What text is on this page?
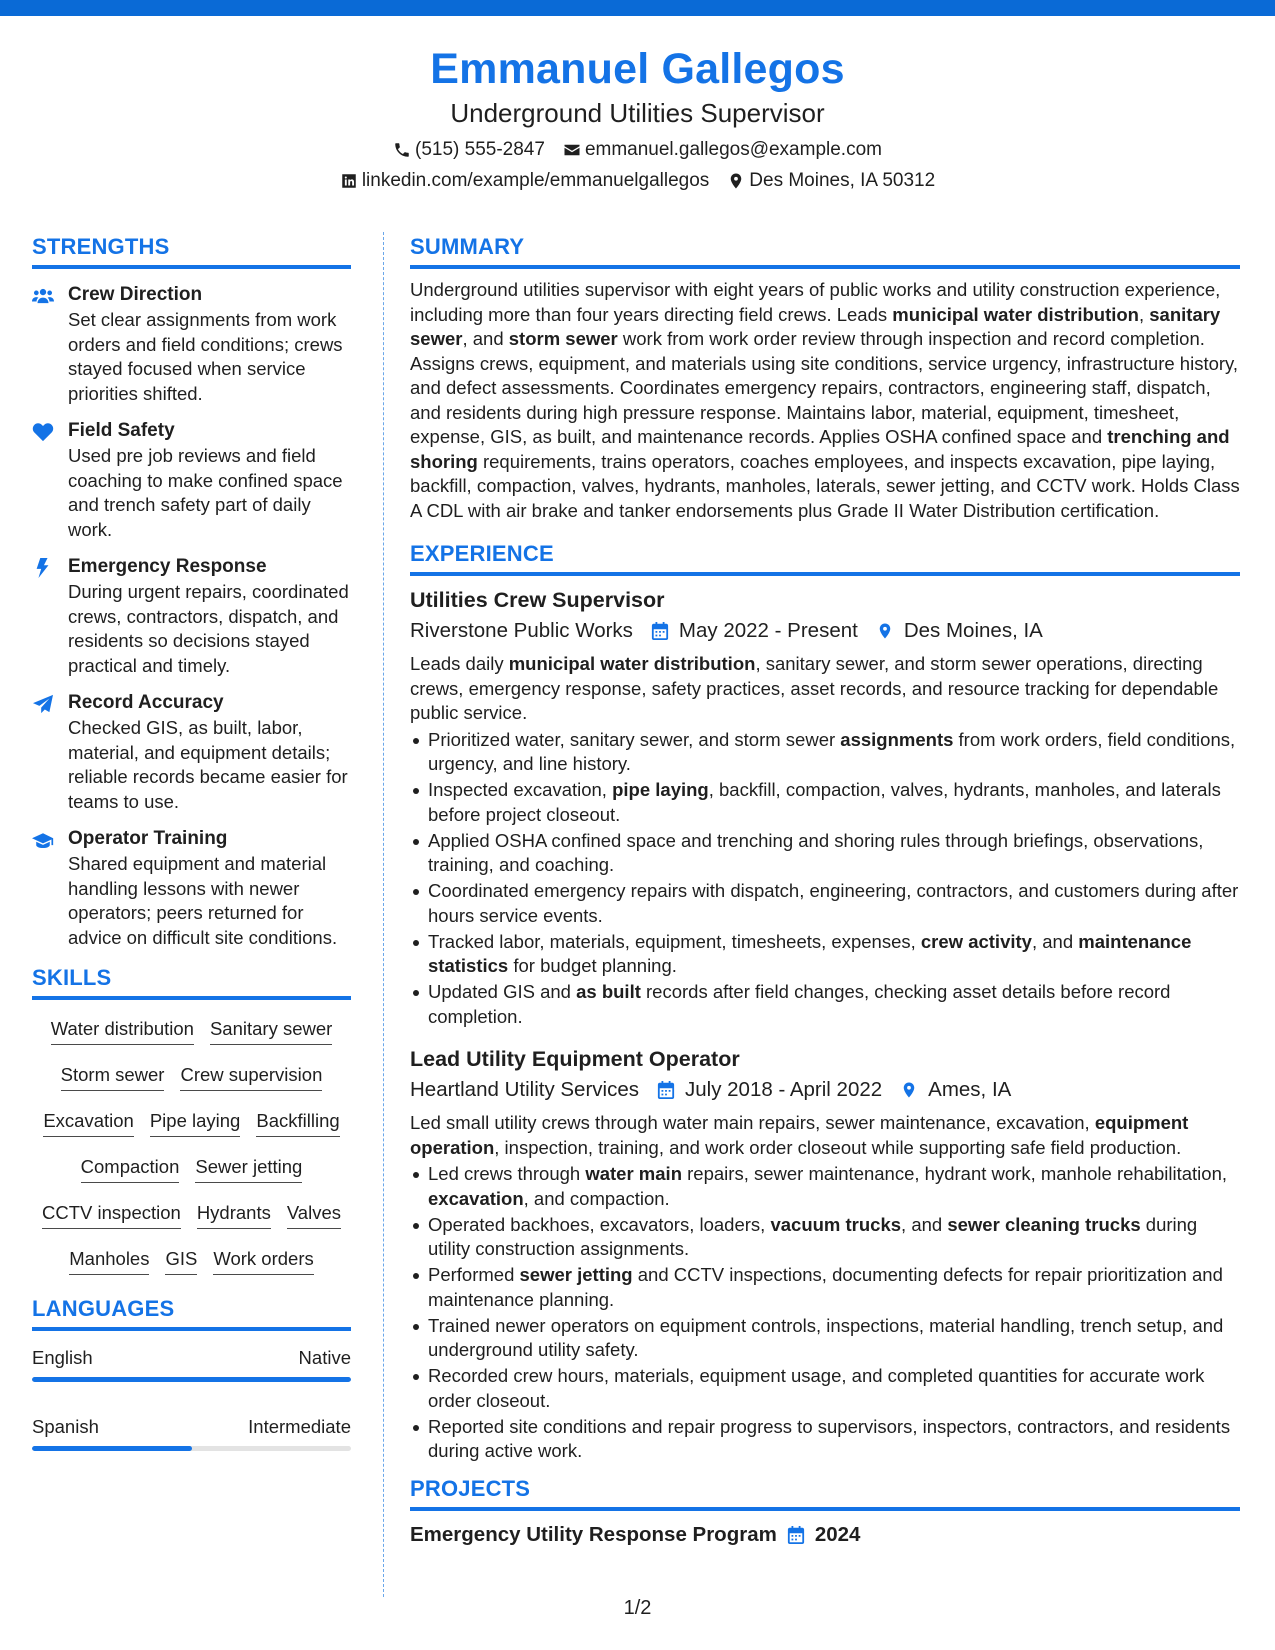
Emmanuel Gallegos
Underground Utilities Supervisor
(515) 555-2847 emmanuel.gallegos@example.com
linkedin.com/example/emmanuelgallegos Des Moines, IA 50312
STRENGTHS
Crew Direction
Set clear assignments from work orders and field conditions; crews stayed focused when service priorities shifted.
Field Safety
Used pre job reviews and field coaching to make confined space and trench safety part of daily work.
Emergency Response
During urgent repairs, coordinated crews, contractors, dispatch, and residents so decisions stayed practical and timely.
Record Accuracy
Checked GIS, as built, labor, material, and equipment details; reliable records became easier for teams to use.
Operator Training
Shared equipment and material handling lessons with newer operators; peers returned for advice on difficult site conditions.
SKILLS
Water distribution Sanitary sewer
Storm sewer Crew supervision
Excavation Pipe laying Backfilling
Compaction Sewer jetting
CCTV inspection Hydrants Valves
Manholes GIS Work orders
LANGUAGES
English	Native
Spanish	Intermediate
SUMMARY
Underground utilities supervisor with eight years of public works and utility construction experience, including more than four years directing field crews. Leads municipal water distribution, sanitary sewer, and storm sewer work from work order review through inspection and record completion. Assigns crews, equipment, and materials using site conditions, service urgency, infrastructure history, and defect assessments. Coordinates emergency repairs, contractors, engineering staff, dispatch, and residents during high pressure response. Maintains labor, material, equipment, timesheet, expense, GIS, as built, and maintenance records. Applies OSHA confined space and trenching and shoring requirements, trains operators, coaches employees, and inspects excavation, pipe laying, backfill, compaction, valves, hydrants, manholes, laterals, sewer jetting, and CCTV work. Holds Class A CDL with air brake and tanker endorsements plus Grade II Water Distribution certification.
EXPERIENCE
Utilities Crew Supervisor
Riverstone Public Works May 2022 - Present Des Moines, IA
Leads daily municipal water distribution, sanitary sewer, and storm sewer operations, directing crews, emergency response, safety practices, asset records, and resource tracking for dependable public service.
Prioritized water, sanitary sewer, and storm sewer assignments from work orders, field conditions, urgency, and line history.
Inspected excavation, pipe laying, backfill, compaction, valves, hydrants, manholes, and laterals before project closeout.
Applied OSHA confined space and trenching and shoring rules through briefings, observations, training, and coaching.
Coordinated emergency repairs with dispatch, engineering, contractors, and customers during after hours service events.
Tracked labor, materials, equipment, timesheets, expenses, crew activity, and maintenance statistics for budget planning.
Updated GIS and as built records after field changes, checking asset details before record completion.
Lead Utility Equipment Operator
Heartland Utility Services July 2018 - April 2022 Ames, IA
Led small utility crews through water main repairs, sewer maintenance, excavation, equipment operation, inspection, training, and work order closeout while supporting safe field production.
Led crews through water main repairs, sewer maintenance, hydrant work, manhole rehabilitation, excavation, and compaction.
Operated backhoes, excavators, loaders, vacuum trucks, and sewer cleaning trucks during utility construction assignments.
Performed sewer jetting and CCTV inspections, documenting defects for repair prioritization and maintenance planning.
Trained newer operators on equipment controls, inspections, material handling, trench setup, and underground utility safety.
Recorded crew hours, materials, equipment usage, and completed quantities for accurate work order closeout.
Reported site conditions and repair progress to supervisors, inspectors, contractors, and residents during active work.
PROJECTS
Emergency Utility Response Program 2024
1/2
